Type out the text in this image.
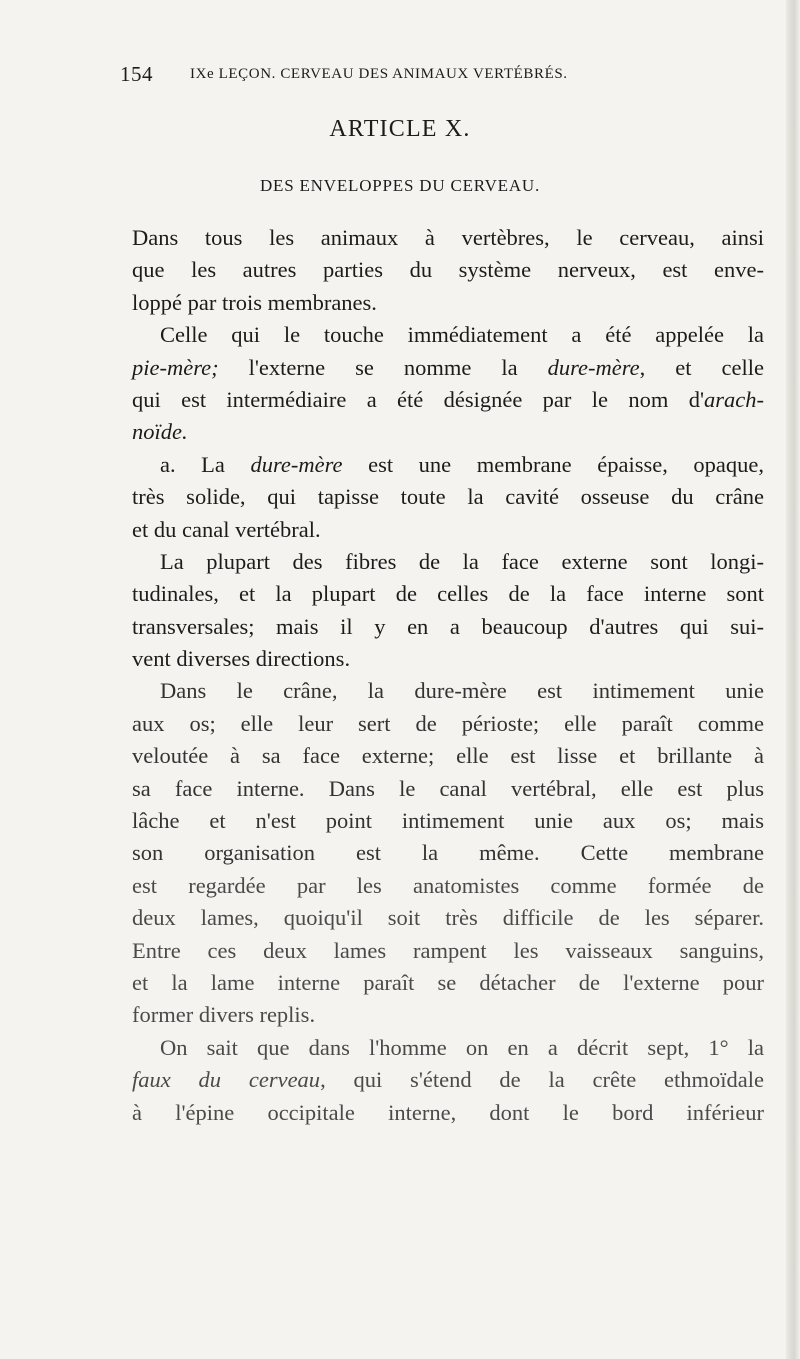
154 IXe LEÇON. CERVEAU DES ANIMAUX VERTÉBRÉS.
ARTICLE X.
DES ENVELOPPES DU CERVEAU.
Dans tous les animaux à vertèbres, le cerveau, ainsi
que les autres parties du système nerveux, est enve-
loppé par trois membranes.
Celle qui le touche immédiatement a été appelée la
pie-mère; l'externe se nomme la dure-mère, et celle
qui est intermédiaire a été désignée par le nom d'arach-
noïde.
a. La dure-mère est une membrane épaisse, opaque,
très solide, qui tapisse toute la cavité osseuse du crâne
et du canal vertébral.
La plupart des fibres de la face externe sont longi-
tudinales, et la plupart de celles de la face interne sont
transversales; mais il y en a beaucoup d'autres qui sui-
vent diverses directions.
Dans le crâne, la dure-mère est intimement unie
aux os; elle leur sert de périoste; elle paraît comme
veloutée à sa face externe; elle est lisse et brillante à
sa face interne. Dans le canal vertébral, elle est plus
lâche et n'est point intimement unie aux os; mais
son organisation est la même. Cette membrane
est regardée par les anatomistes comme formée de
deux lames, quoiqu'il soit très difficile de les séparer.
Entre ces deux lames rampent les vaisseaux sanguins,
et la lame interne paraît se détacher de l'externe pour
former divers replis.
On sait que dans l'homme on en a décrit sept, 1° la
faux du cerveau, qui s'étend de la crête ethmoïdale
à l'épine occipitale interne, dont le bord inférieur
